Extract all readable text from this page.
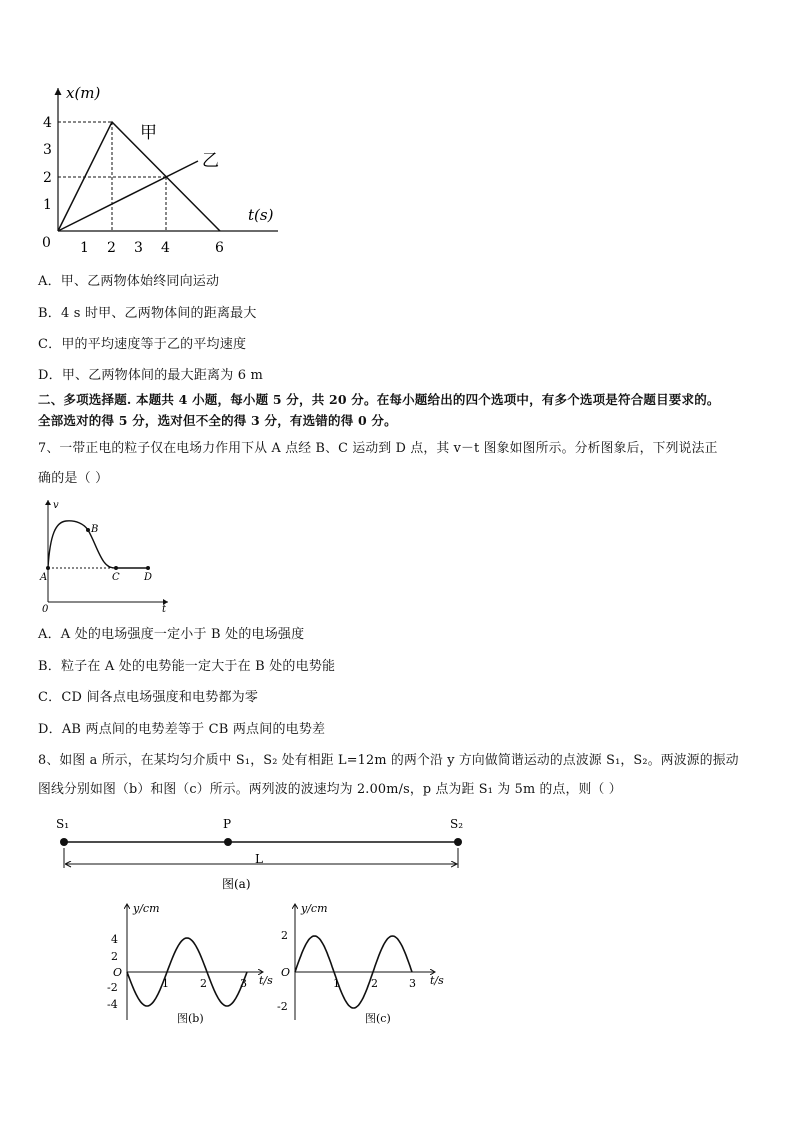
x(m)
t(s)
0
4
3
2
1
1 2 3 4	6
甲
乙
A．甲、乙两物体始终同向运动
B．4 s 时甲、乙两物体间的距离最大
C．甲的平均速度等于乙的平均速度
D．甲、乙两物体间的最大距离为 6 m
二、多项选择题. 本题共 4 小题，每小题 5 分，共 20 分。在每小题给出的四个选项中，有多个选项是符合题目要求的。
全部选对的得 5 分，选对但不全的得 3 分，有选错的得 0 分。
7、一带正电的粒子仅在电场力作用下从 A 点经 B、C 运动到 D 点，其 v－t 图象如图所示。分析图象后，下列说法正
确的是（ ）
v
t
0
A
B
C D
A．A 处的电场强度一定小于 B 处的电场强度
B．粒子在 A 处的电势能一定大于在 B 处的电势能
C．CD 间各点电场强度和电势都为零
D．AB 两点间的电势差等于 CB 两点间的电势差
8、如图 a 所示，在某均匀介质中 S₁，S₂ 处有相距 L=12m 的两个沿 y 方向做简谐运动的点波源 S₁，S₂。两波源的振动
图线分别如图（b）和图（c）所示。两列波的波速均为 2.00m/s，p 点为距 S₁ 为 5m 的点，则（ ）
S₁	P	S₂
L
图(a)
y/cm
t/s
O
4
2
-2
-4
1	2	3
图(b)
y/cm
t/s
O
2
-2
1	2	3
图(c)
